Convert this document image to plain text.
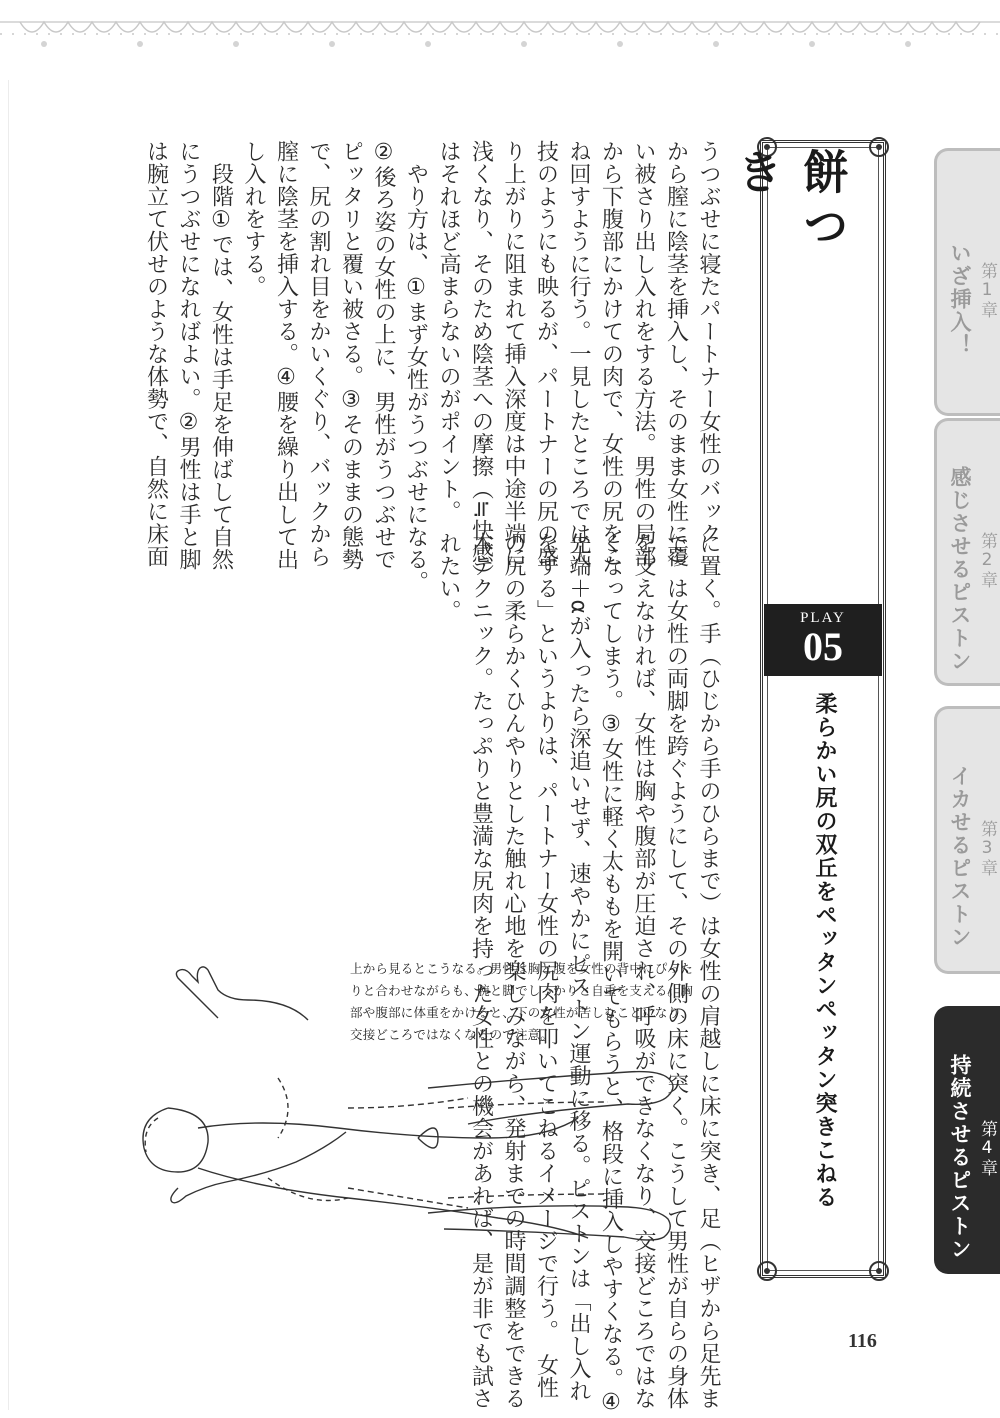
うつぶせに寝たパートナー女性のバック
から膣に陰茎を挿入し、そのまま女性に覆
い被さり出し入れをする方法。男性の局部
から下腹部にかけての肉で、女性の尻をこ
ね回すように行う。一見したところでは大
技のようにも映るが、パートナーの尻の盛
り上がりに阻まれて挿入深度は中途半端に
浅くなり、そのため陰茎への摩擦（≒快感）
はそれほど高まらないのがポイント。
　やり方は、①まず女性がうつぶせになる。
②後ろ姿の女性の上に、男性がうつぶせで
ピッタリと覆い被さる。③そのままの態勢
で、尻の割れ目をかいくぐり、バックから
膣に陰茎を挿入する。④腰を繰り出して出
し入れをする。
　段階①では、女性は手足を伸ばして自然
にうつぶせになればよい。②男性は手と脚
は腕立て伏せのような体勢で、自然に床面
に置く。手（ひじから手のひらまで）は女性の肩越しに床に突き、足（ヒザから足先まで）は女性の両脚を跨ぐようにして、その外側の床に突く。こうして男性が自らの身体を支えなければ、女性は胸や腹部が圧迫され、呼吸ができなくなり、交接どころではなくなってしまう。③女性に軽く太ももを開いてもらうと、格段に挿入しやすくなる。④先端＋αが入ったら深追いせず、速やかにピストン運動に移る。ピストンは「出し入れをする」というよりは、パートナー女性の尻肉を叩いてこねるイメージで行う。　女性の尻の柔らかくひんやりとした触れ心地を楽しみながら、発射までの時間調整をできる本テクニック。たっぷりと豊満な尻肉を持った女性との機会があれば、是が非でも試されたい。
餅つき
PLAY
05
柔らかい尻の双丘をペッタンペッタン突きこねる
第1章
いざ挿入！
第2章
感じさせるピストン
第3章
イカせるピストン
第4章
持続させるピストン
上から見るとこうなる。男性は胸と腹を女性の背中にぴったりと合わせながらも、腕と脚でしっかりと自重を支える。胸部や腹部に体重をかけると、下の女性が苦しむことになり、交接どころではなくなるので注意。
116
